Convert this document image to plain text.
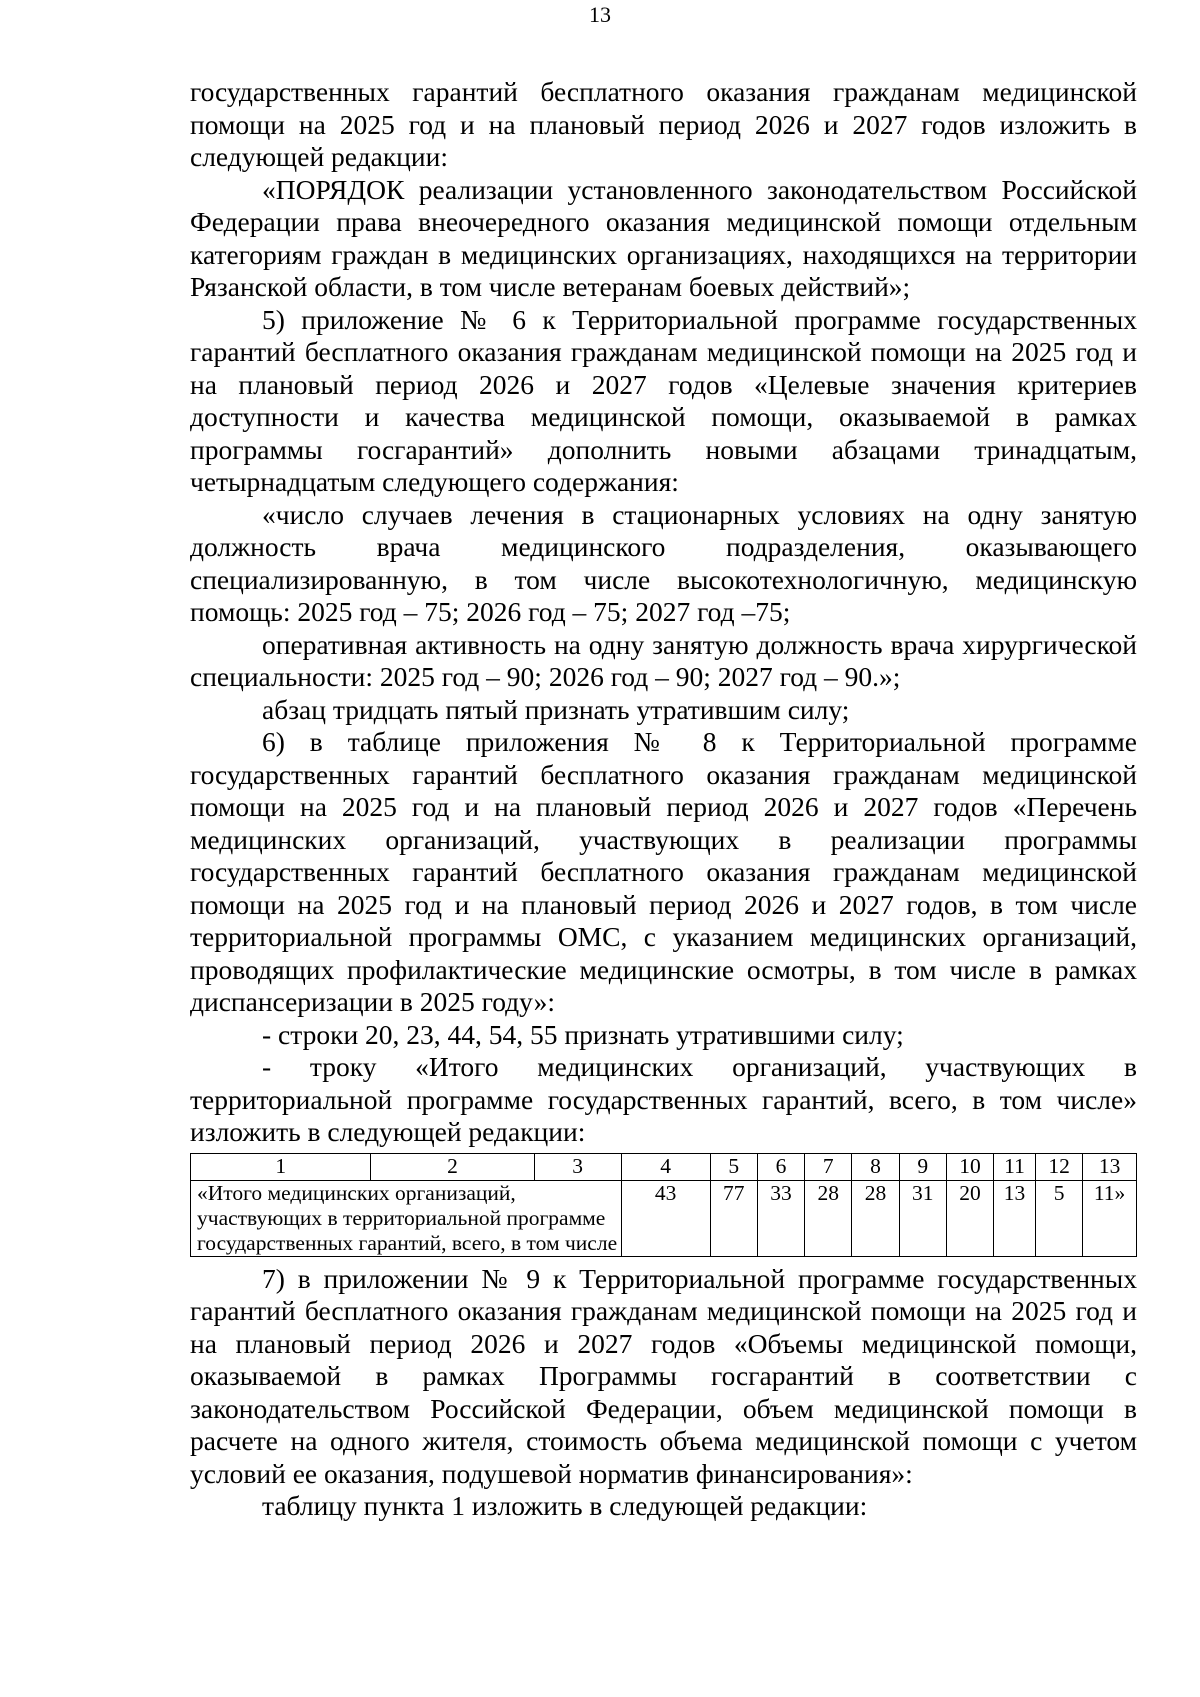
13

государственных гарантий бесплатного оказания гражданам медицинской помощи на 2025 год и на плановый период 2026 и 2027 годов изложить в следующей редакции:

«ПОРЯДОК реализации установленного законодательством Российской Федерации права внеочередного оказания медицинской помощи отдельным категориям граждан в медицинских организациях, находящихся на территории Рязанской области, в том числе ветеранам боевых действий»;

5) приложение № 6 к Территориальной программе государственных гарантий бесплатного оказания гражданам медицинской помощи на 2025 год и на плановый период 2026 и 2027 годов «Целевые значения критериев доступности и качества медицинской помощи, оказываемой в рамках программы госгарантий» дополнить новыми абзацами тринадцатым, четырнадцатым следующего содержания:

«число случаев лечения в стационарных условиях на одну занятую должность врача медицинского подразделения, оказывающего специализированную, в том числе высокотехнологичную, медицинскую помощь: 2025 год – 75; 2026 год – 75; 2027 год –75;

оперативная активность на одну занятую должность врача хирургической специальности: 2025 год – 90; 2026 год – 90; 2027 год – 90.»;

абзац тридцать пятый признать утратившим силу;

6) в таблице приложения № 8 к Территориальной программе государственных гарантий бесплатного оказания гражданам медицинской помощи на 2025 год и на плановый период 2026 и 2027 годов «Перечень медицинских организаций, участвующих в реализации программы государственных гарантий бесплатного оказания гражданам медицинской помощи на 2025 год и на плановый период 2026 и 2027 годов, в том числе территориальной программы ОМС, с указанием медицинских организаций, проводящих профилактические медицинские осмотры, в том числе в рамках диспансеризации в 2025 году»:

- строки 20, 23, 44, 54, 55 признать утратившими силу;

- троку «Итого медицинских организаций, участвующих в территориальной программе государственных гарантий, всего, в том числе» изложить в следующей редакции:

1	2	3	4	5	6	7	8	9	10	11	12	13
«Итого медицинских организаций, участвующих в территориальной программе государственных гарантий, всего, в том числе			43	77	33	28	28	31	20	13	5	11»

7) в приложении № 9 к Территориальной программе государственных гарантий бесплатного оказания гражданам медицинской помощи на 2025 год и на плановый период 2026 и 2027 годов «Объемы медицинской помощи, оказываемой в рамках Программы госгарантий в соответствии с законодательством Российской Федерации, объем медицинской помощи в расчете на одного жителя, стоимость объема медицинской помощи с учетом условий ее оказания, подушевой норматив финансирования»:

таблицу пункта 1 изложить в следующей редакции:
